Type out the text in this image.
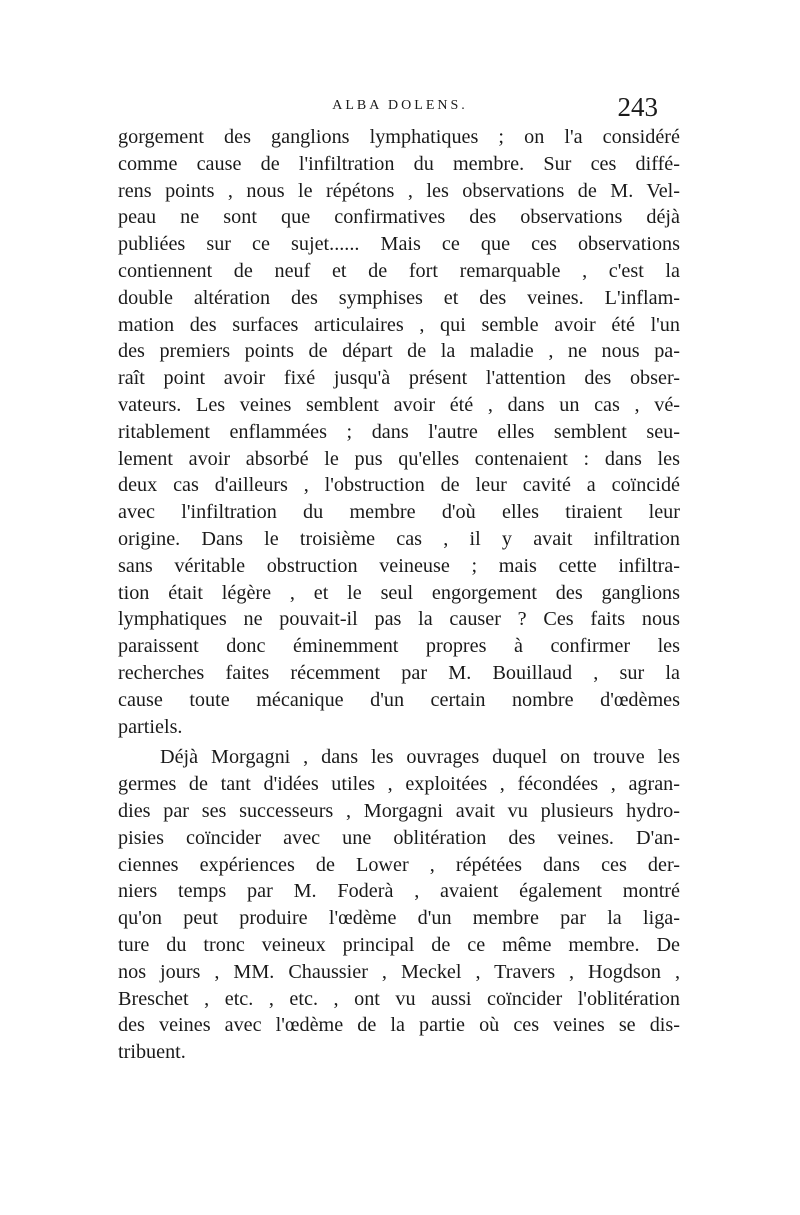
ALBA DOLENS.	243
gorgement des ganglions lymphatiques ; on l'a considéré
comme cause de l'infiltration du membre. Sur ces diffé-
rens points , nous le répétons , les observations de M. Vel-
peau ne sont que confirmatives des observations déjà
publiées sur ce sujet...... Mais ce que ces observations
contiennent de neuf et de fort remarquable , c'est la
double altération des symphises et des veines. L'inflam-
mation des surfaces articulaires , qui semble avoir été l'un
des premiers points de départ de la maladie , ne nous pa-
raît point avoir fixé jusqu'à présent l'attention des obser-
vateurs. Les veines semblent avoir été , dans un cas , vé-
ritablement enflammées ; dans l'autre elles semblent seu-
lement avoir absorbé le pus qu'elles contenaient : dans les
deux cas d'ailleurs , l'obstruction de leur cavité a coïncidé
avec l'infiltration du membre d'où elles tiraient leur
origine. Dans le troisième cas , il y avait infiltration
sans véritable obstruction veineuse ; mais cette infiltra-
tion était légère , et le seul engorgement des ganglions
lymphatiques ne pouvait-il pas la causer ? Ces faits nous
paraissent donc éminemment propres à confirmer les
recherches faites récemment par M. Bouillaud , sur la
cause toute mécanique d'un certain nombre d'œdèmes
partiels.
Déjà Morgagni , dans les ouvrages duquel on trouve les
germes de tant d'idées utiles , exploitées , fécondées , agran-
dies par ses successeurs , Morgagni avait vu plusieurs hydro-
pisies coïncider avec une oblitération des veines. D'an-
ciennes expériences de Lower , répétées dans ces der-
niers temps par M. Foderà , avaient également montré
qu'on peut produire l'œdème d'un membre par la liga-
ture du tronc veineux principal de ce même membre. De
nos jours , MM. Chaussier , Meckel , Travers , Hogdson ,
Breschet , etc. , etc. , ont vu aussi coïncider l'oblitération
des veines avec l'œdème de la partie où ces veines se dis-
tribuent.
